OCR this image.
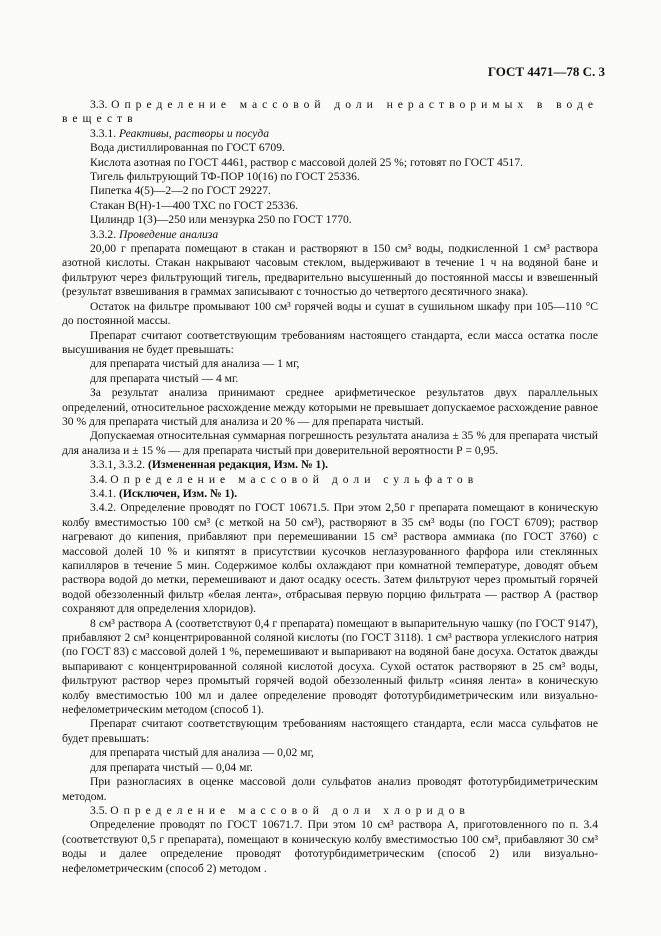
ГОСТ 4471—78 С. 3

3.3. Определение массовой доли нерастворимых в воде веществ

3.3.1. Реактивы, растворы и посуда

Вода дистиллированная по ГОСТ 6709.

Кислота азотная по ГОСТ 4461, раствор с массовой долей 25 %; готовят по ГОСТ 4517.

Тигель фильтрующий ТФ-ПОР 10(16) по ГОСТ 25336.

Пипетка 4(5)—2—2 по ГОСТ 29227.

Стакан В(Н)-1—400 ТХС по ГОСТ 25336.

Цилиндр 1(3)—250 или мензурка 250 по ГОСТ 1770.

3.3.2. Проведение анализа

20,00 г препарата помещают в стакан и растворяют в 150 см³ воды, подкисленной 1 см³ раствора азотной кислоты. Стакан накрывают часовым стеклом, выдерживают в течение 1 ч на водяной бане и фильтруют через фильтрующий тигель, предварительно высушенный до постоянной массы и взвешенный (результат взвешивания в граммах записывают с точностью до четвертого десятичного знака).

Остаток на фильтре промывают 100 см³ горячей воды и сушат в сушильном шкафу при 105—110 °С до постоянной массы.

Препарат считают соответствующим требованиям настоящего стандарта, если масса остатка после высушивания не будет превышать:

для препарата чистый для анализа — 1 мг,

для препарата чистый — 4 мг.

За результат анализа принимают среднее арифметическое результатов двух параллельных определений, относительное расхождение между которыми не превышает допускаемое расхождение равное 30 % для препарата чистый для анализа и 20 % — для препарата чистый.

Допускаемая относительная суммарная погрешность результата анализа ± 35 % для препарата чистый для анализа и ± 15 % — для препарата чистый при доверительной вероятности Р = 0,95.

3.3.1, 3.3.2. (Измененная редакция, Изм. № 1).

3.4. Определение массовой доли сульфатов

3.4.1. (Исключен, Изм. № 1).

3.4.2. Определение проводят по ГОСТ 10671.5. При этом 2,50 г препарата помещают в коническую колбу вместимостью 100 см³ (с меткой на 50 см³), растворяют в 35 см³ воды (по ГОСТ 6709); раствор нагревают до кипения, прибавляют при перемешивании 15 см³ раствора аммиака (по ГОСТ 3760) с массовой долей 10 % и кипятят в присутствии кусочков неглазурованного фарфора или стеклянных капилляров в течение 5 мин. Содержимое колбы охлаждают при комнатной температуре, доводят объем раствора водой до метки, перемешивают и дают осадку осесть. Затем фильтруют через промытый горячей водой обеззоленный фильтр «белая лента», отбрасывая первую порцию фильтрата — раствор А (раствор сохраняют для определения хлоридов).

8 см³ раствора А (соответствуют 0,4 г препарата) помещают в выпарительную чашку (по ГОСТ 9147), прибавляют 2 см³ концентрированной соляной кислоты (по ГОСТ 3118). 1 см³ раствора углекислого натрия (по ГОСТ 83) с массовой долей 1 %, перемешивают и выпаривают на водяной бане досуха. Остаток дважды выпаривают с концентрированной соляной кислотой досуха. Сухой остаток растворяют в 25 см³ воды, фильтруют раствор через промытый горячей водой обеззоленный фильтр «синяя лента» в коническую колбу вместимостью 100 мл и далее определение проводят фототурбидиметрическим или визуально-нефелометрическим методом (способ 1).

Препарат считают соответствующим требованиям настоящего стандарта, если масса сульфатов не будет превышать:

для препарата чистый для анализа — 0,02 мг,

для препарата чистый — 0,04 мг.

При разногласиях в оценке массовой доли сульфатов анализ проводят фототурбидиметрическим методом.

3.5. Определение массовой доли хлоридов

Определение проводят по ГОСТ 10671.7. При этом 10 см³ раствора А, приготовленного по п. 3.4 (соответствуют 0,5 г препарата), помещают в коническую колбу вместимостью 100 см³, прибавляют 30 см³ воды и далее определение проводят фототурбидиметрическим (способ 2) или визуально-нефелометрическим (способ 2) методом .
